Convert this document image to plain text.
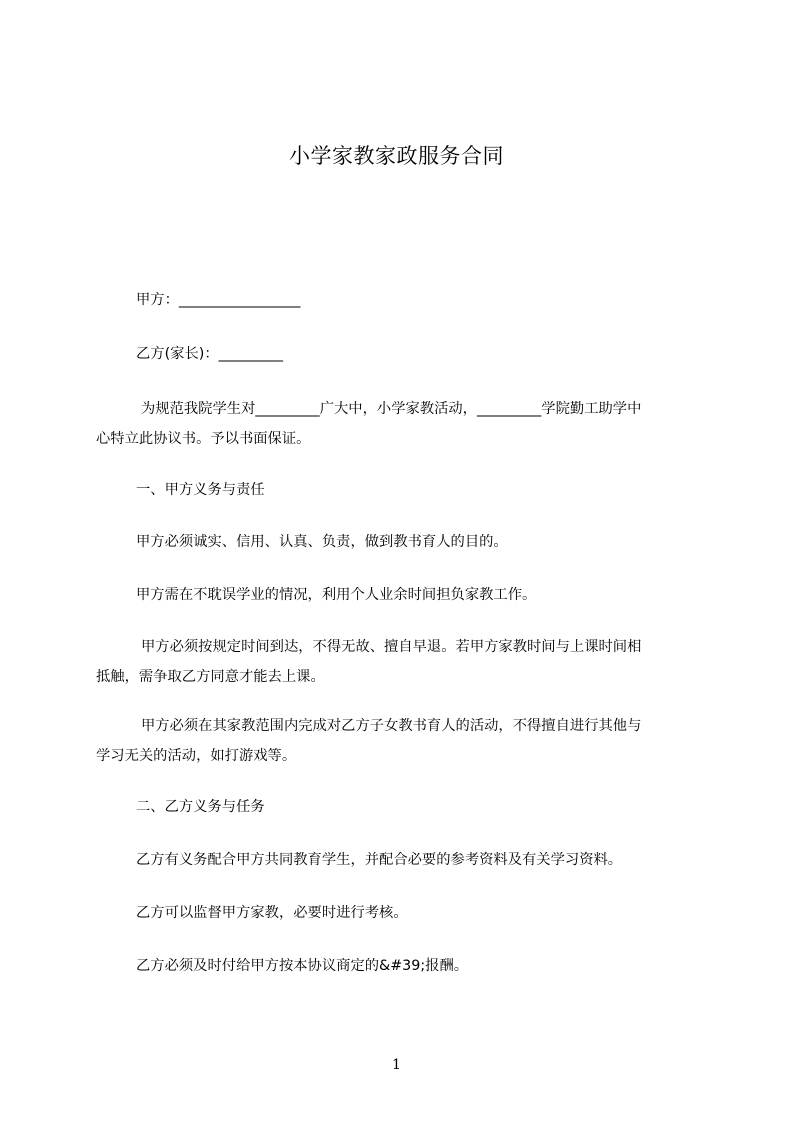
小学家教家政服务合同
甲方：_________________
乙方(家长)：_________
为规范我院学生对_________广大中，小学家教活动，_________学院勤工助学中
心特立此协议书。予以书面保证。
一、甲方义务与责任
甲方必须诚实、信用、认真、负责，做到教书育人的目的。
甲方需在不耽误学业的情况，利用个人业余时间担负家教工作。
甲方必须按规定时间到达，不得无故、擅自早退。若甲方家教时间与上课时间相
抵触，需争取乙方同意才能去上课。
甲方必须在其家教范围内完成对乙方子女教书育人的活动，不得擅自进行其他与
学习无关的活动，如打游戏等。
二、乙方义务与任务
乙方有义务配合甲方共同教育学生，并配合必要的参考资料及有关学习资料。
乙方可以监督甲方家教，必要时进行考核。
乙方必须及时付给甲方按本协议商定的&#39;报酬。
1
